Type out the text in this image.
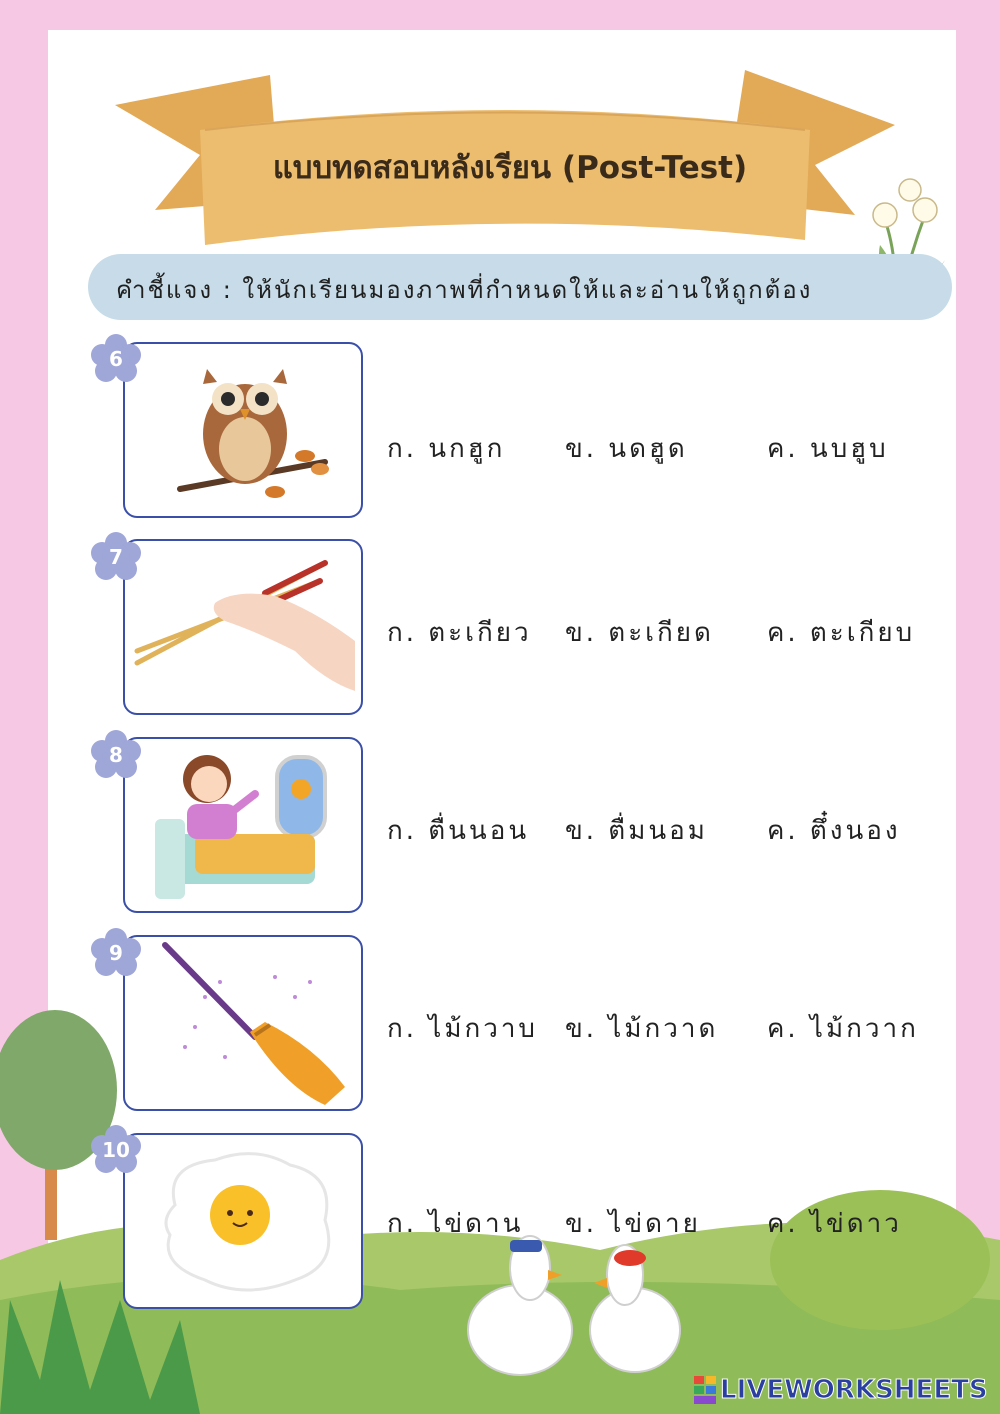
แบบทดสอบหลังเรียน (Post-Test)
คำชี้แจง : ให้นักเรียนมองภาพที่กำหนดให้และอ่านให้ถูกต้อง
6
ก. นกฮูก ข. นดฮูด	ค. นบฮูบ
7
ก. ตะเกียว ข. ตะเกียด ค. ตะเกียบ
8
ก. ตื่นนอน ข. ตื่มนอม ค. ตึ๋งนอง
9
ก. ไม้กวาบ ข. ไม้กวาด ค. ไม้กวาก
10
ก. ไข่ดาน ข. ไข่ดาย	ค. ไข่ดาว
LIVEWORKSHEETS
